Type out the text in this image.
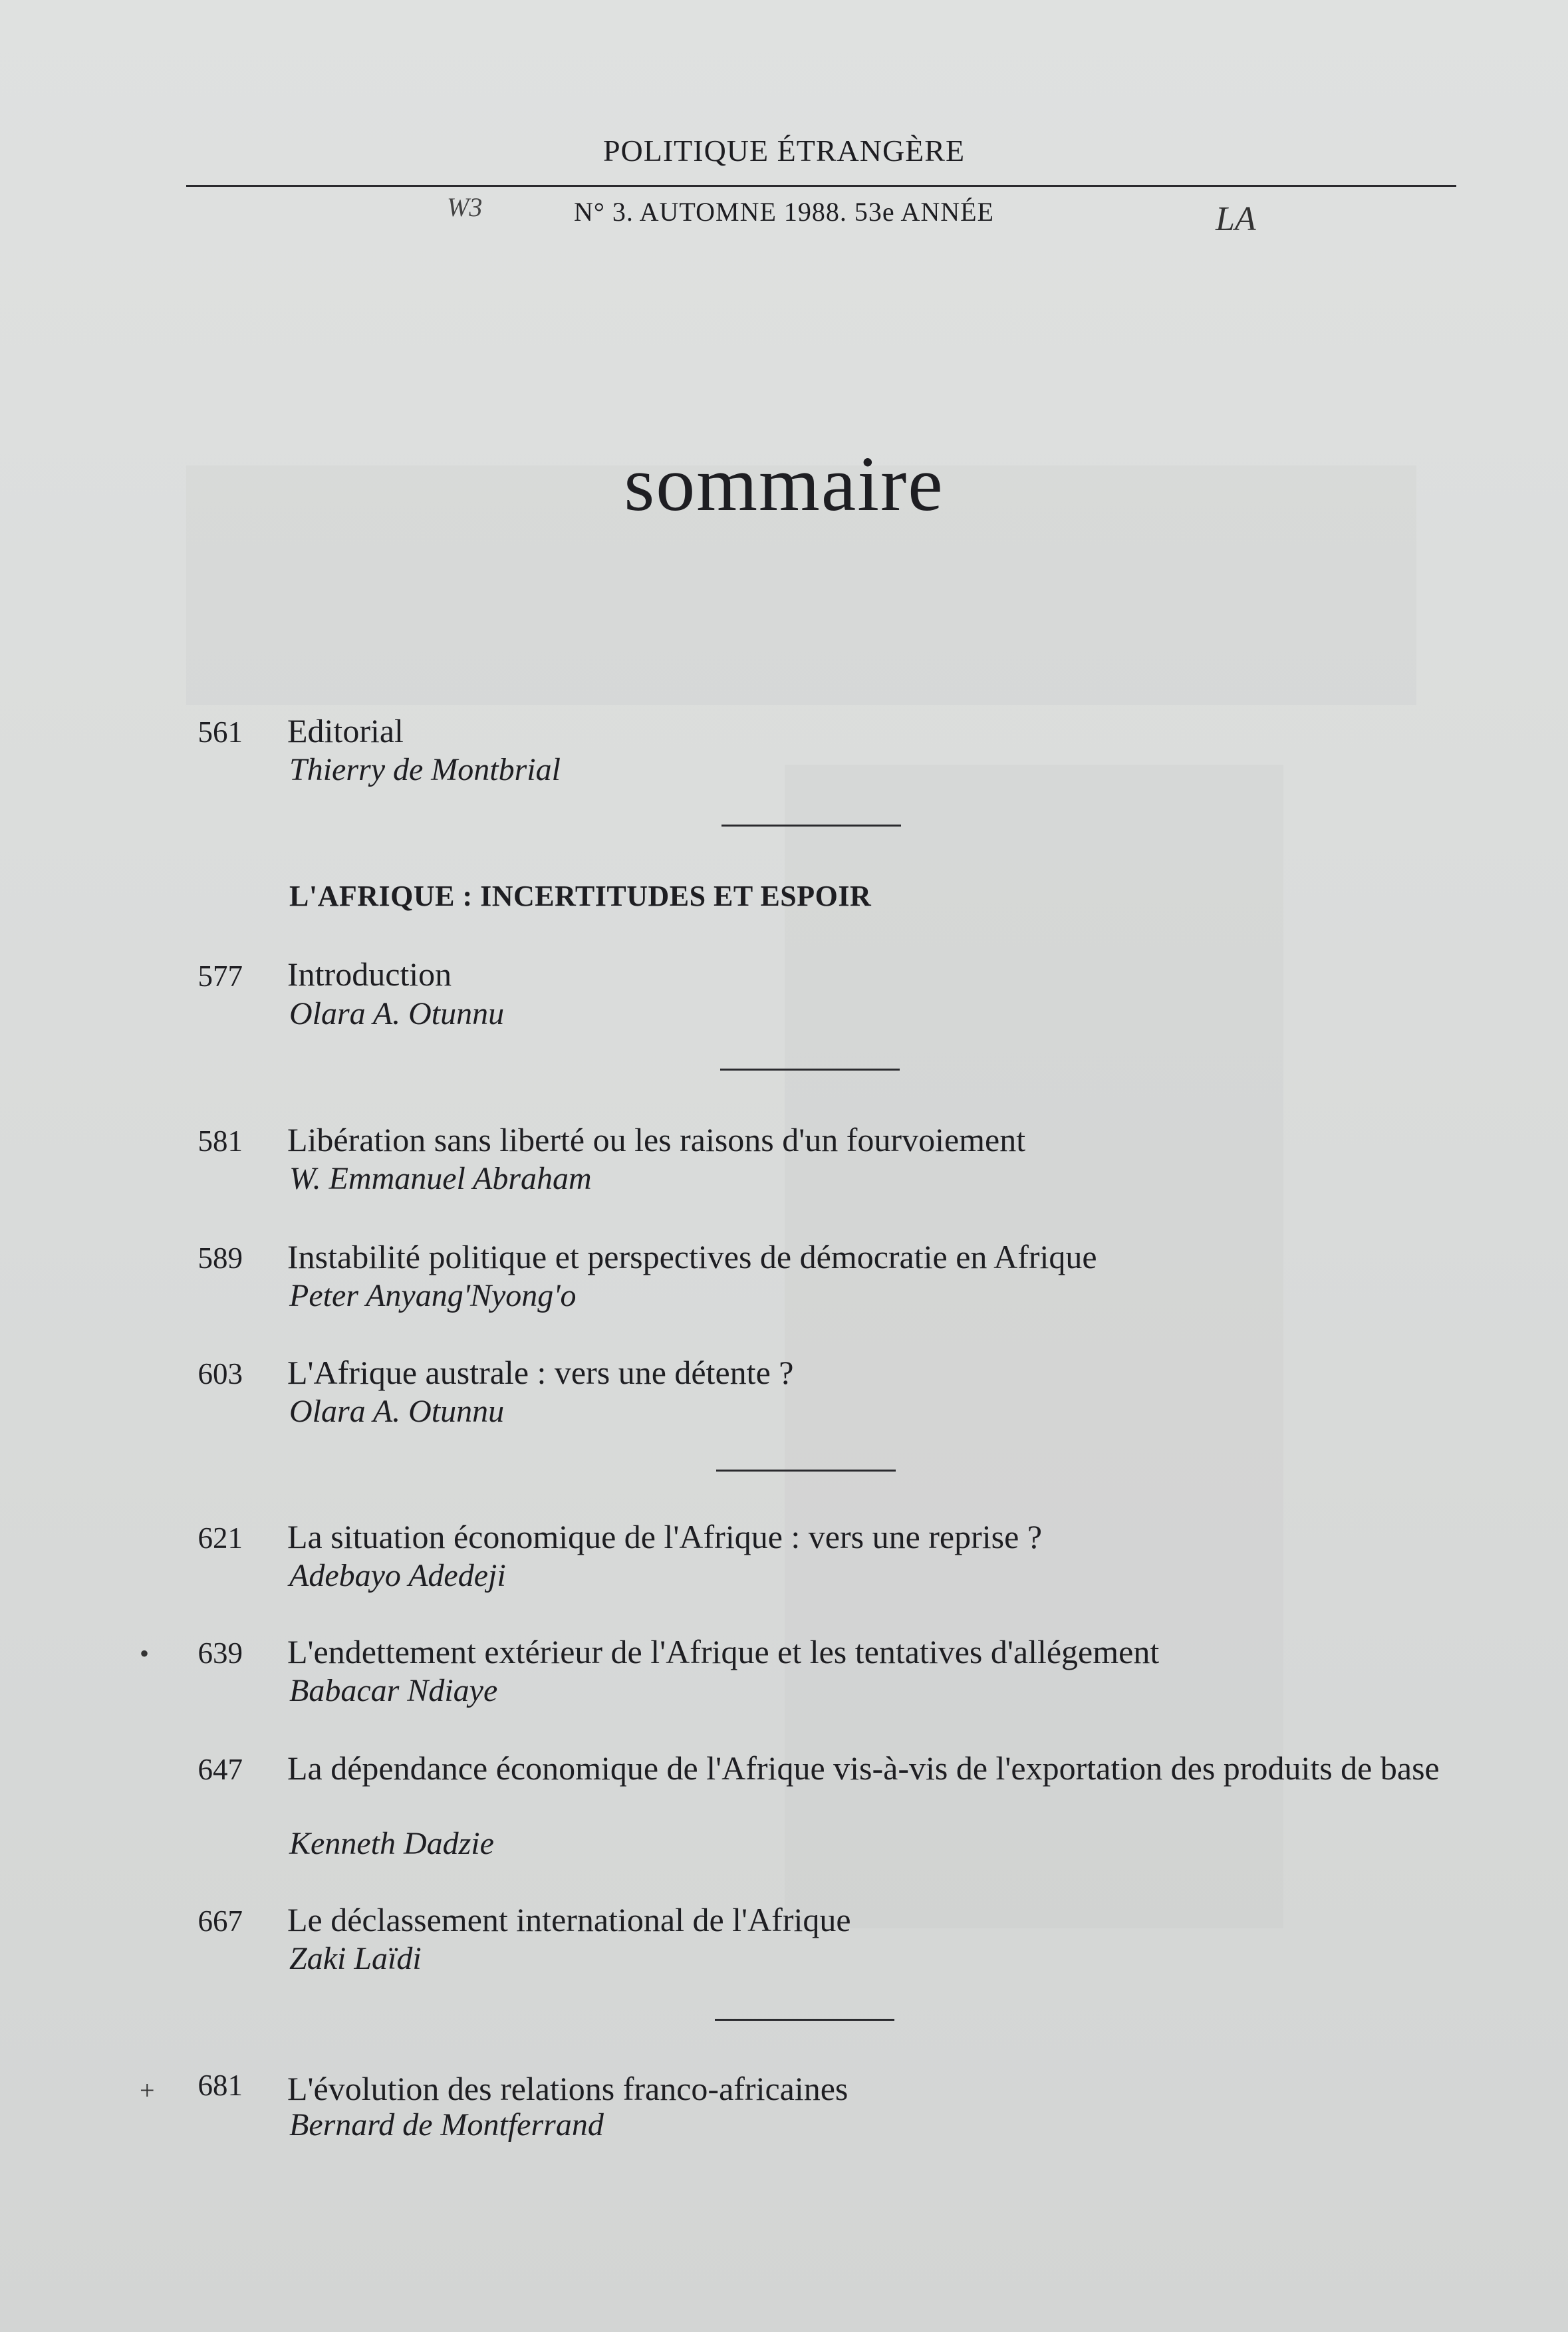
POLITIQUE ÉTRANGÈRE
W3	N° 3. AUTOMNE 1988. 53e ANNÉE	LA
sommaire
561 Editorial
Thierry de Montbrial
L'AFRIQUE : INCERTITUDES ET ESPOIR
577 Introduction
Olara A. Otunnu
581 Libération sans liberté ou les raisons d'un fourvoiement
W. Emmanuel Abraham
589 Instabilité politique et perspectives de démocratie en Afrique
Peter Anyang'Nyong'o
603 L'Afrique australe : vers une détente ?
Olara A. Otunnu
621 La situation économique de l'Afrique : vers une reprise ?
Adebayo Adedeji
•	639 L'endettement extérieur de l'Afrique et les tentatives d'allégement
Babacar Ndiaye
647 La dépendance économique de l'Afrique vis-à-vis de l'exportation des produits de base
Kenneth Dadzie
667 Le déclassement international de l'Afrique
Zaki Laïdi
+	681 L'évolution des relations franco-africaines
Bernard de Montferrand
